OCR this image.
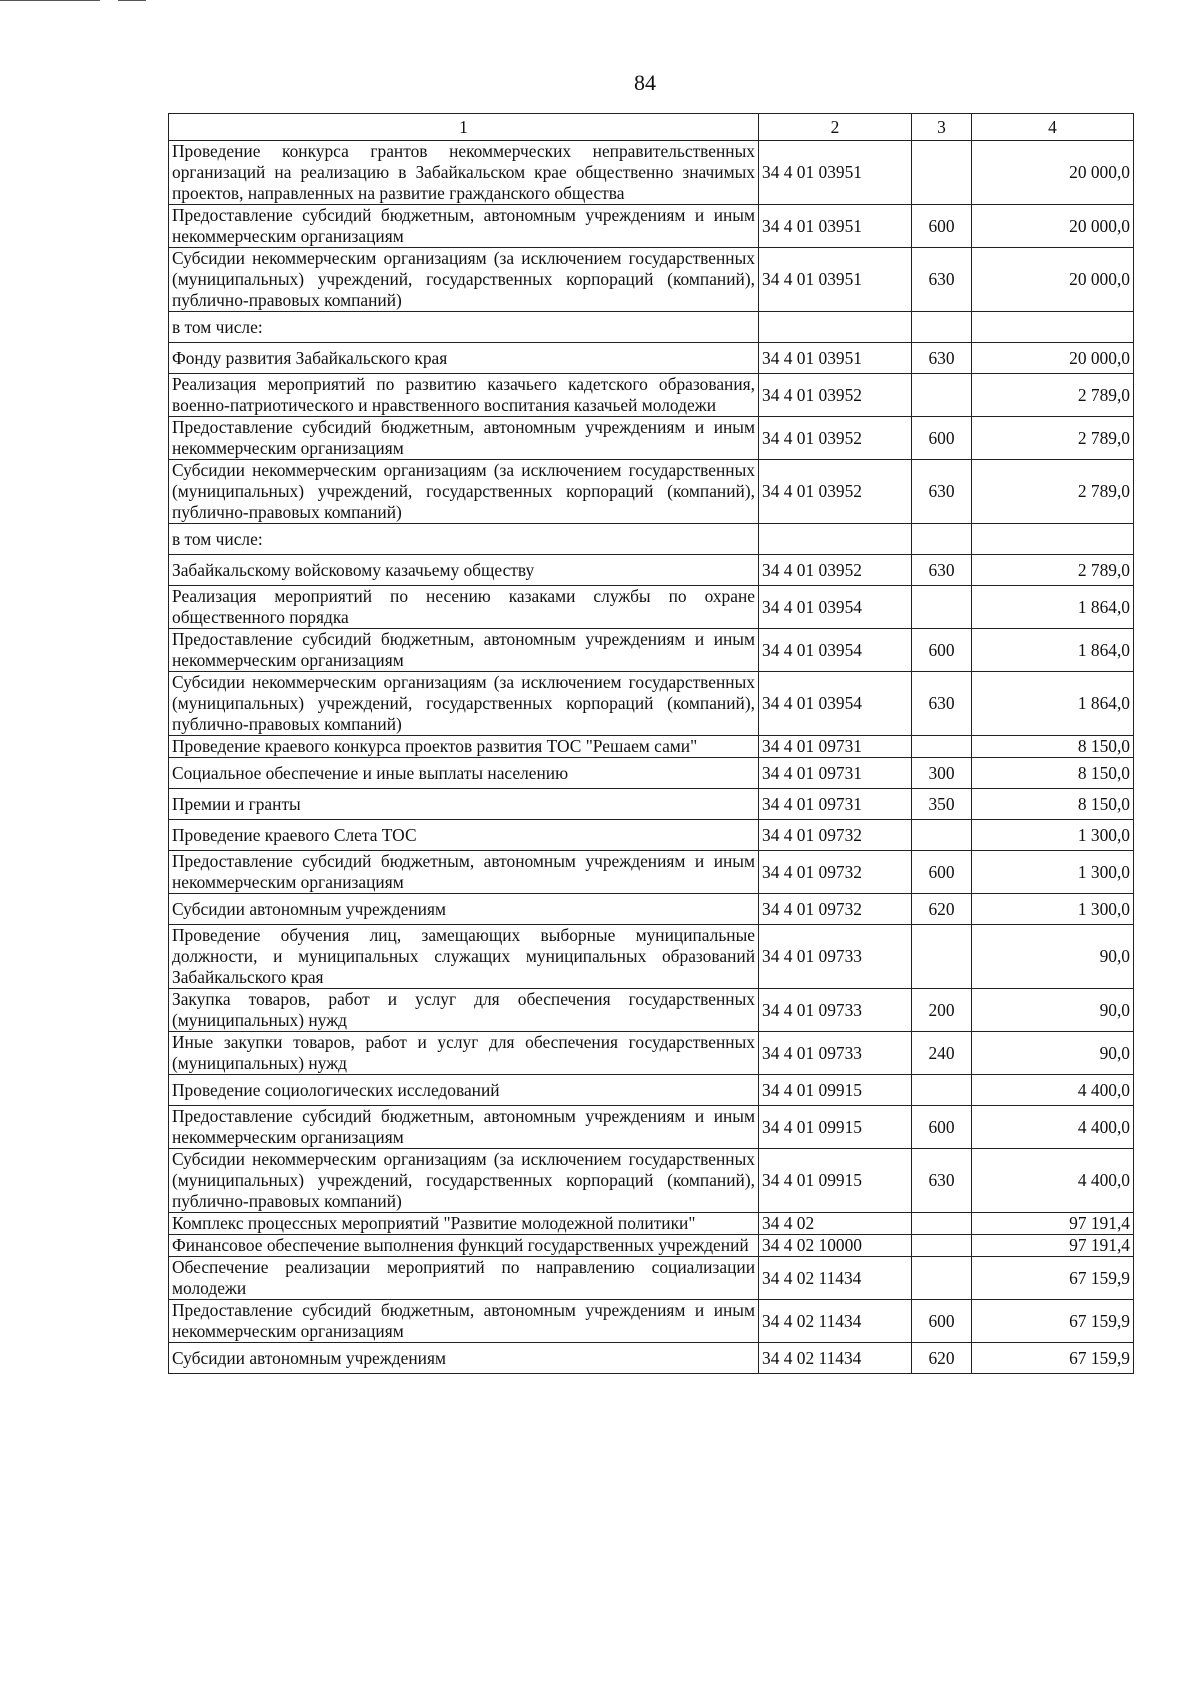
84
1	2	3	4
Проведение конкурса грантов некоммерческих неправительственных организаций на реализацию в Забайкальском крае общественно значимых проектов, направленных на развитие гражданского общества	34 4 01 03951		20 000,0
Предоставление субсидий бюджетным, автономным учреждениям и иным некоммерческим организациям	34 4 01 03951	600	20 000,0
Субсидии некоммерческим организациям (за исключением государственных (муниципальных) учреждений, государственных корпораций (компаний), публично-правовых компаний)	34 4 01 03951	630	20 000,0
в том числе:			
Фонду развития Забайкальского края	34 4 01 03951	630	20 000,0
Реализация мероприятий по развитию казачьего кадетского образования, военно-патриотического и нравственного воспитания казачьей молодежи	34 4 01 03952		2 789,0
Предоставление субсидий бюджетным, автономным учреждениям и иным некоммерческим организациям	34 4 01 03952	600	2 789,0
Субсидии некоммерческим организациям (за исключением государственных (муниципальных) учреждений, государственных корпораций (компаний), публично-правовых компаний)	34 4 01 03952	630	2 789,0
в том числе:			
Забайкальскому войсковому казачьему обществу	34 4 01 03952	630	2 789,0
Реализация мероприятий по несению казаками службы по охране общественного порядка	34 4 01 03954		1 864,0
Предоставление субсидий бюджетным, автономным учреждениям и иным некоммерческим организациям	34 4 01 03954	600	1 864,0
Субсидии некоммерческим организациям (за исключением государственных (муниципальных) учреждений, государственных корпораций (компаний), публично-правовых компаний)	34 4 01 03954	630	1 864,0
Проведение краевого конкурса проектов развития ТОС "Решаем сами"	34 4 01 09731		8 150,0
Социальное обеспечение и иные выплаты населению	34 4 01 09731	300	8 150,0
Премии и гранты	34 4 01 09731	350	8 150,0
Проведение краевого Слета ТОС	34 4 01 09732		1 300,0
Предоставление субсидий бюджетным, автономным учреждениям и иным некоммерческим организациям	34 4 01 09732	600	1 300,0
Субсидии автономным учреждениям	34 4 01 09732	620	1 300,0
Проведение обучения лиц, замещающих выборные муниципальные должности, и муниципальных служащих муниципальных образований Забайкальского края	34 4 01 09733		90,0
Закупка товаров, работ и услуг для обеспечения государственных (муниципальных) нужд	34 4 01 09733	200	90,0
Иные закупки товаров, работ и услуг для обеспечения государственных (муниципальных) нужд	34 4 01 09733	240	90,0
Проведение социологических исследований	34 4 01 09915		4 400,0
Предоставление субсидий бюджетным, автономным учреждениям и иным некоммерческим организациям	34 4 01 09915	600	4 400,0
Субсидии некоммерческим организациям (за исключением государственных (муниципальных) учреждений, государственных корпораций (компаний), публично-правовых компаний)	34 4 01 09915	630	4 400,0
Комплекс процессных мероприятий "Развитие молодежной политики"	34 4 02		97 191,4
Финансовое обеспечение выполнения функций государственных учреждений	34 4 02 10000		97 191,4
Обеспечение реализации мероприятий по направлению социализации молодежи	34 4 02 11434		67 159,9
Предоставление субсидий бюджетным, автономным учреждениям и иным некоммерческим организациям	34 4 02 11434	600	67 159,9
Субсидии автономным учреждениям	34 4 02 11434	620	67 159,9
